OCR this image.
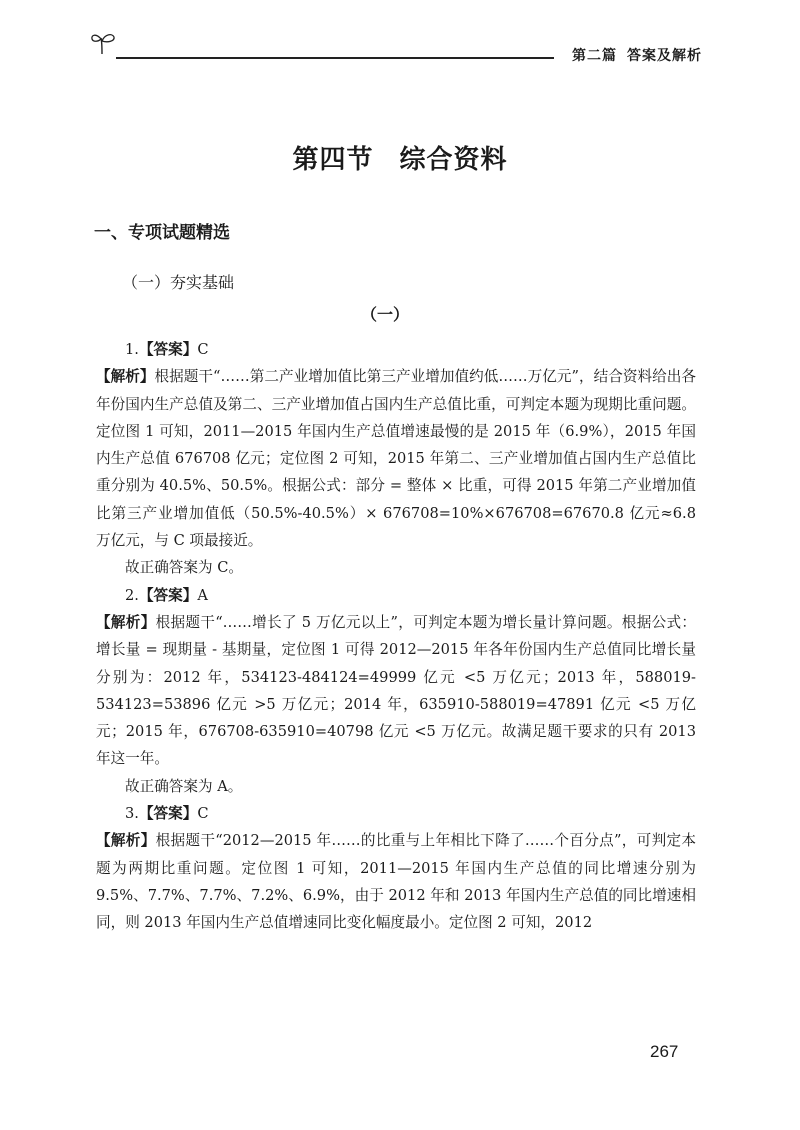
第二篇 答案及解析
第四节 综合资料
一、专项试题精选
（一）夯实基础
（一）

1.【答案】C

【解析】根据题干“……第二产业增加值比第三产业增加值约低……万亿元”，结合资料给出各年份国内生产总值及第二、三产业增加值占国内生产总值比重，可判定本题为现期比重问题。定位图 1 可知，2011—2015 年国内生产总值增速最慢的是 2015 年（6.9%），2015 年国内生产总值 676708 亿元；定位图 2 可知，2015 年第二、三产业增加值占国内生产总值比重分别为 40.5%、50.5%。根据公式：部分 = 整体 × 比重，可得 2015 年第二产业增加值比第三产业增加值低（50.5%-40.5%）× 676708=10%×676708=67670.8 亿元≈6.8 万亿元，与 C 项最接近。

故正确答案为 C。

2.【答案】A

【解析】根据题干“……增长了 5 万亿元以上”，可判定本题为增长量计算问题。根据公式：增长量 = 现期量 - 基期量，定位图 1 可得 2012—2015 年各年份国内生产总值同比增长量分别为：2012 年，534123-484124=49999 亿元 <5 万亿元；2013 年，588019-534123=53896 亿元 >5 万亿元；2014 年，635910-588019=47891 亿元 <5 万亿元；2015 年，676708-635910=40798 亿元 <5 万亿元。故满足题干要求的只有 2013 年这一年。

故正确答案为 A。

3.【答案】C

【解析】根据题干“2012—2015 年……的比重与上年相比下降了……个百分点”，可判定本题为两期比重问题。定位图 1 可知，2011—2015 年国内生产总值的同比增速分别为 9.5%、7.7%、7.7%、7.2%、6.9%，由于 2012 年和 2013 年国内生产总值的同比增速相同，则 2013 年国内生产总值增速同比变化幅度最小。定位图 2 可知，2012

267
